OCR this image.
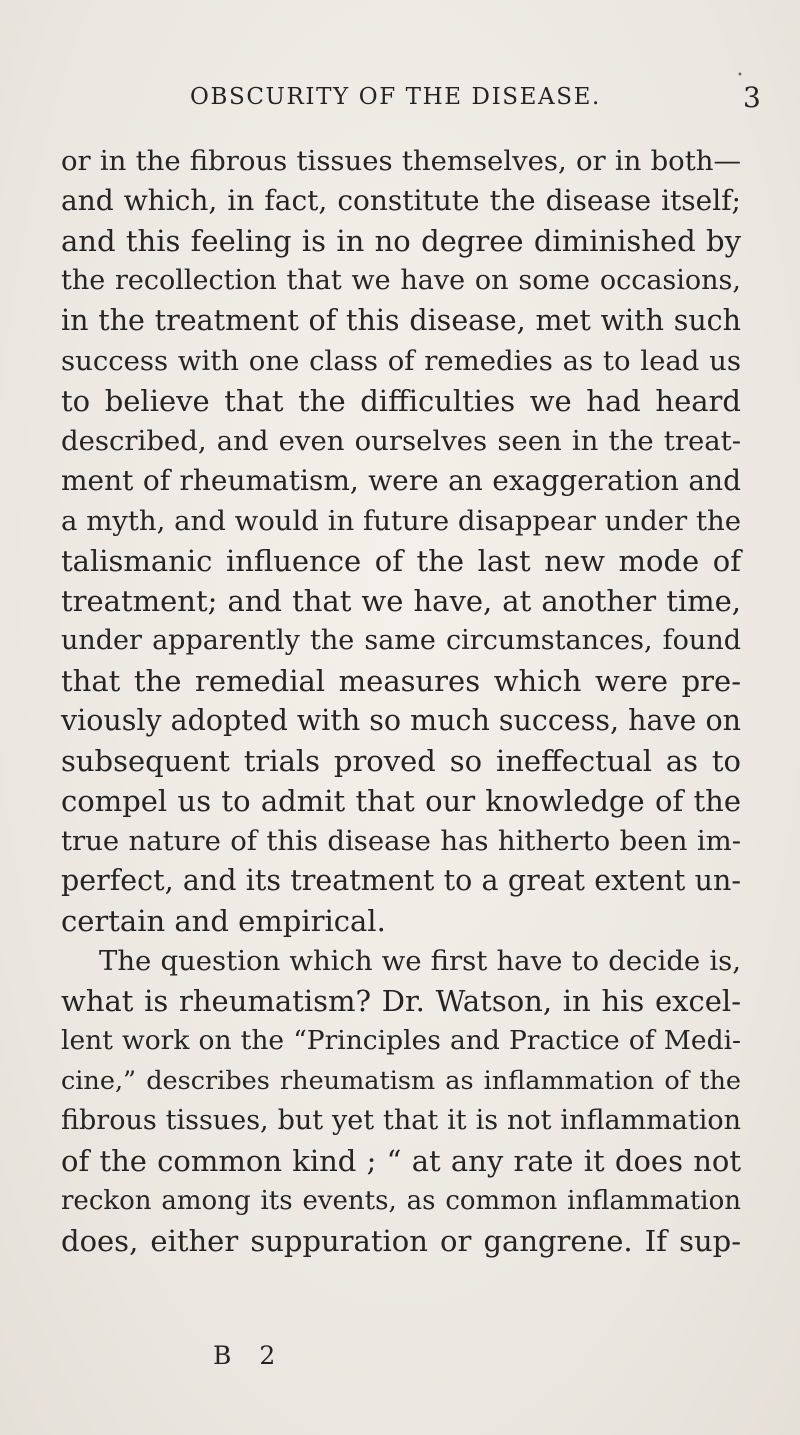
•
OBSCURITY OF THE DISEASE.	3
or in the fibrous tissues themselves, or in both—
and which, in fact, constitute the disease itself;
and this feeling is in no degree diminished by
the recollection that we have on some occasions,
in the treatment of this disease, met with such
success with one class of remedies as to lead us
to believe that the difficulties we had heard
described, and even ourselves seen in the treat-
ment of rheumatism, were an exaggeration and
a myth, and would in future disappear under the
talismanic influence of the last new mode of
treatment; and that we have, at another time,
under apparently the same circumstances, found
that the remedial measures which were pre-
viously adopted with so much success, have on
subsequent trials proved so ineffectual as to
compel us to admit that our knowledge of the
true nature of this disease has hitherto been im-
perfect, and its treatment to a great extent un-
certain and empirical.
The question which we first have to decide is,
what is rheumatism? Dr. Watson, in his excel-
lent work on the “Principles and Practice of Medi-
cine,” describes rheumatism as inflammation of the
fibrous tissues, but yet that it is not inflammation
of the common kind ; “ at any rate it does not
reckon among its events, as common inflammation
does, either suppuration or gangrene. If sup-
B 2
